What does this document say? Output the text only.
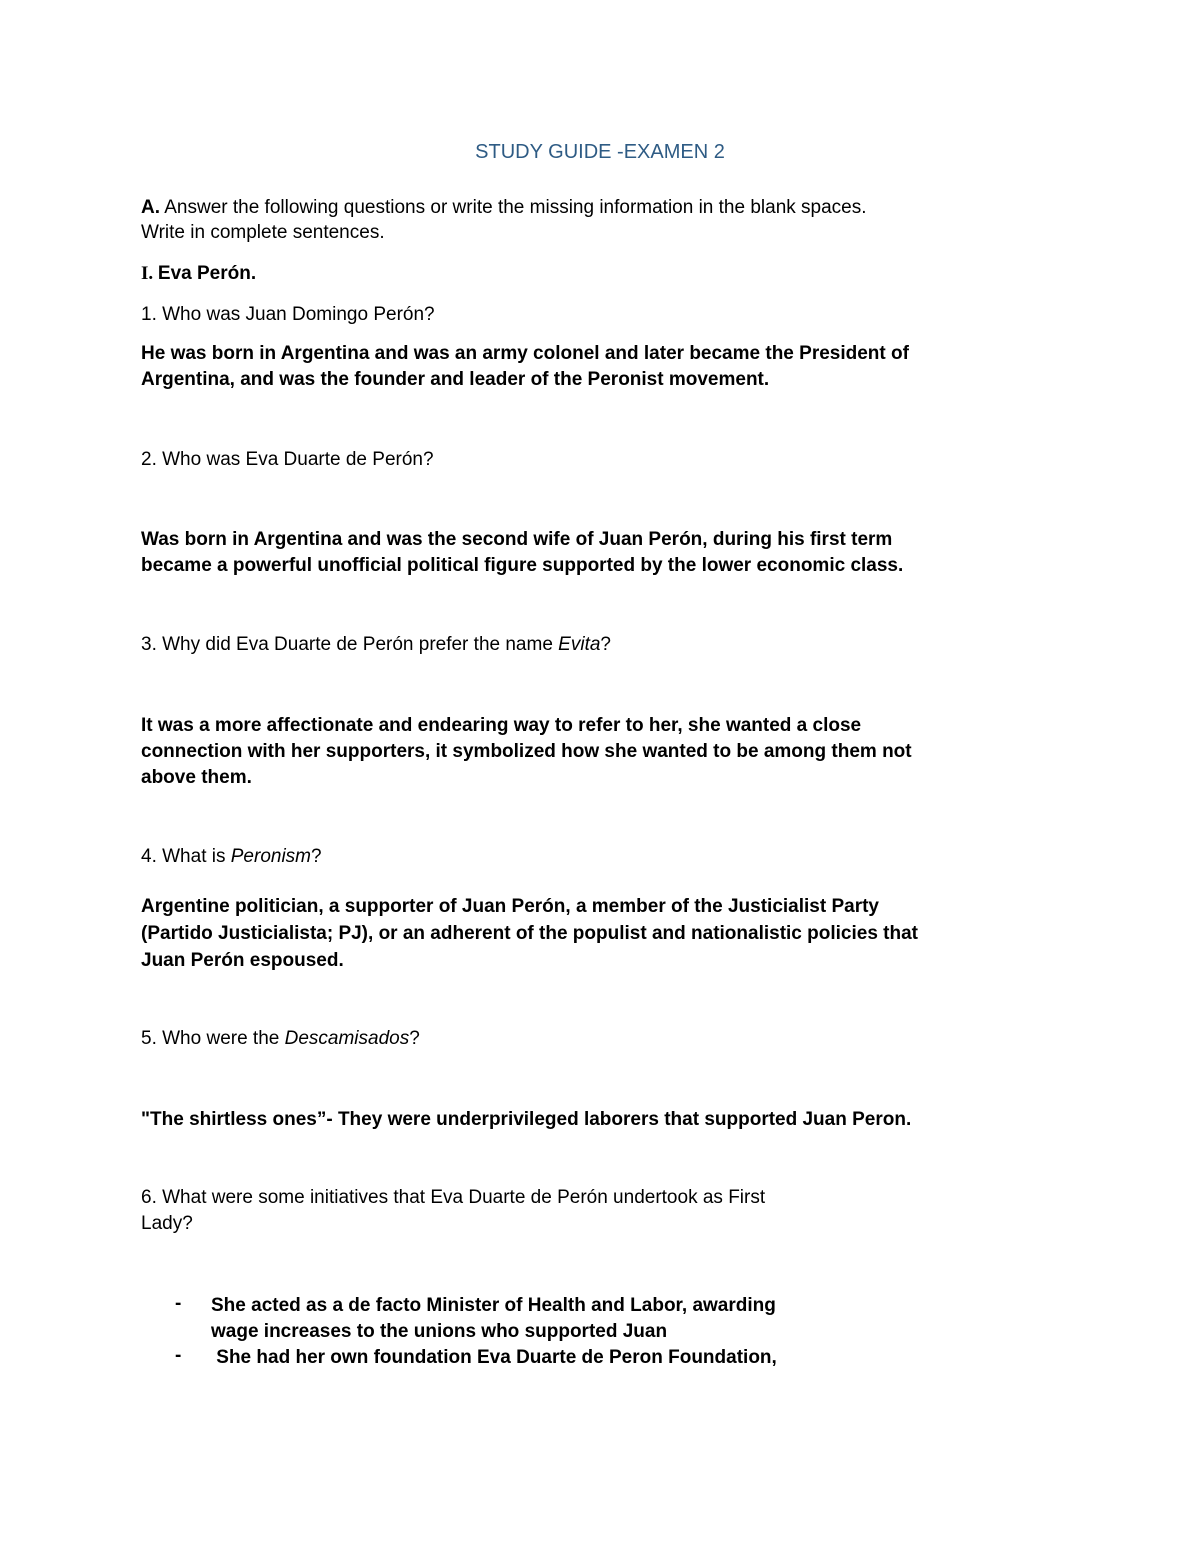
STUDY GUIDE -EXAMEN 2
A. Answer the following questions or write the missing information in the blank spaces.
Write in complete sentences.
I. Eva Perón.
1. Who was Juan Domingo Perón?
He was born in Argentina and was an army colonel and later became the President of
Argentina, and was the founder and leader of the Peronist movement.
2. Who was Eva Duarte de Perón?
Was born in Argentina and was the second wife of Juan Perón, during his first term
became a powerful unofficial political figure supported by the lower economic class.
3. Why did Eva Duarte de Perón prefer the name Evita?
It was a more affectionate and endearing way to refer to her, she wanted a close
connection with her supporters, it symbolized how she wanted to be among them not
above them.
4. What is Peronism?
Argentine politician, a supporter of Juan Perón, a member of the Justicialist Party
(Partido Justicialista; PJ), or an adherent of the populist and nationalistic policies that
Juan Perón espoused.
5. Who were the Descamisados?
"The shirtless ones”- They were underprivileged laborers that supported Juan Peron.
6. What were some initiatives that Eva Duarte de Perón undertook as First
Lady?
- She acted as a de facto Minister of Health and Labor, awarding
wage increases to the unions who supported Juan
- She had her own foundation Eva Duarte de Peron Foundation,
